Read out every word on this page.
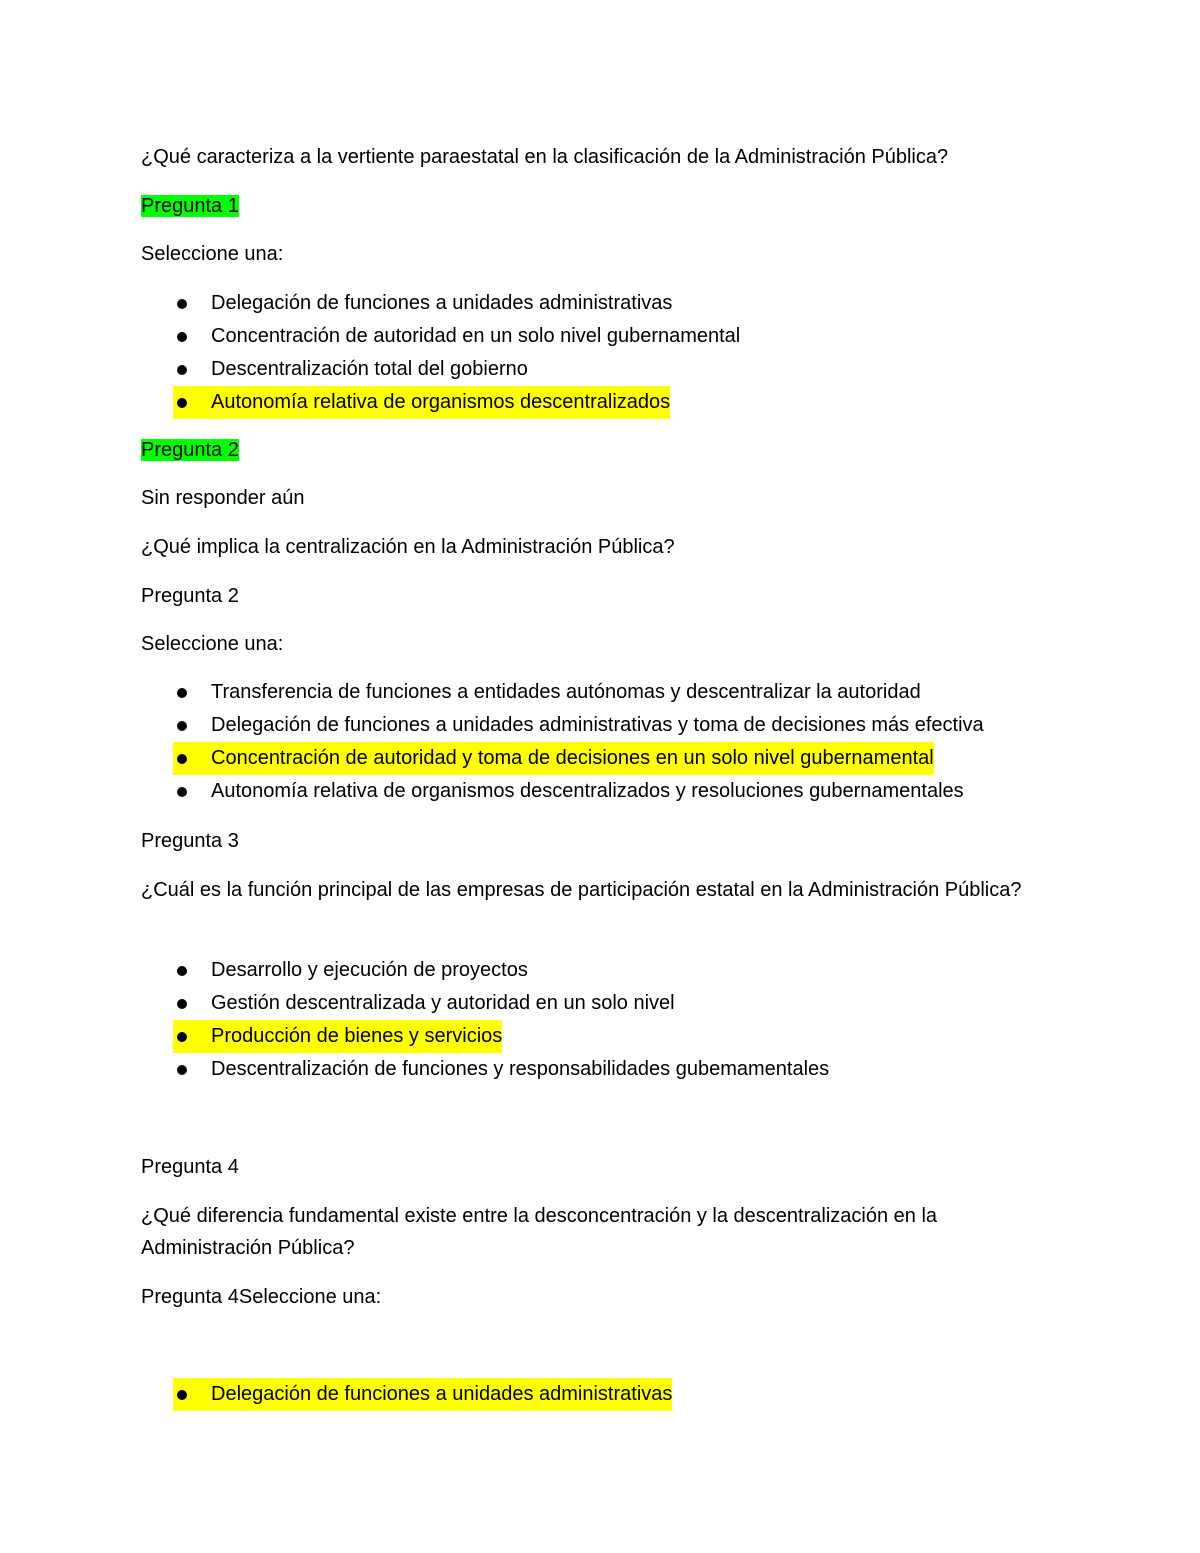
¿Qué caracteriza a la vertiente paraestatal en la clasificación de la Administración Pública?

Pregunta 1

Seleccione una:

Delegación de funciones a unidades administrativas
Concentración de autoridad en un solo nivel gubernamental
Descentralización total del gobierno
Autonomía relativa de organismos descentralizados

Pregunta 2

Sin responder aún

¿Qué implica la centralización en la Administración Pública?

Pregunta 2

Seleccione una:

Transferencia de funciones a entidades autónomas y descentralizar la autoridad
Delegación de funciones a unidades administrativas y toma de decisiones más efectiva
Concentración de autoridad y toma de decisiones en un solo nivel gubernamental
Autonomía relativa de organismos descentralizados y resoluciones gubernamentales

Pregunta 3

¿Cuál es la función principal de las empresas de participación estatal en la Administración Pública?

Desarrollo y ejecución de proyectos
Gestión descentralizada y autoridad en un solo nivel
Producción de bienes y servicios
Descentralización de funciones y responsabilidades gubemamentales

Pregunta 4

¿Qué diferencia fundamental existe entre la desconcentración y la descentralización en la Administración Pública?

Pregunta 4Seleccione una:

Delegación de funciones a unidades administrativas
